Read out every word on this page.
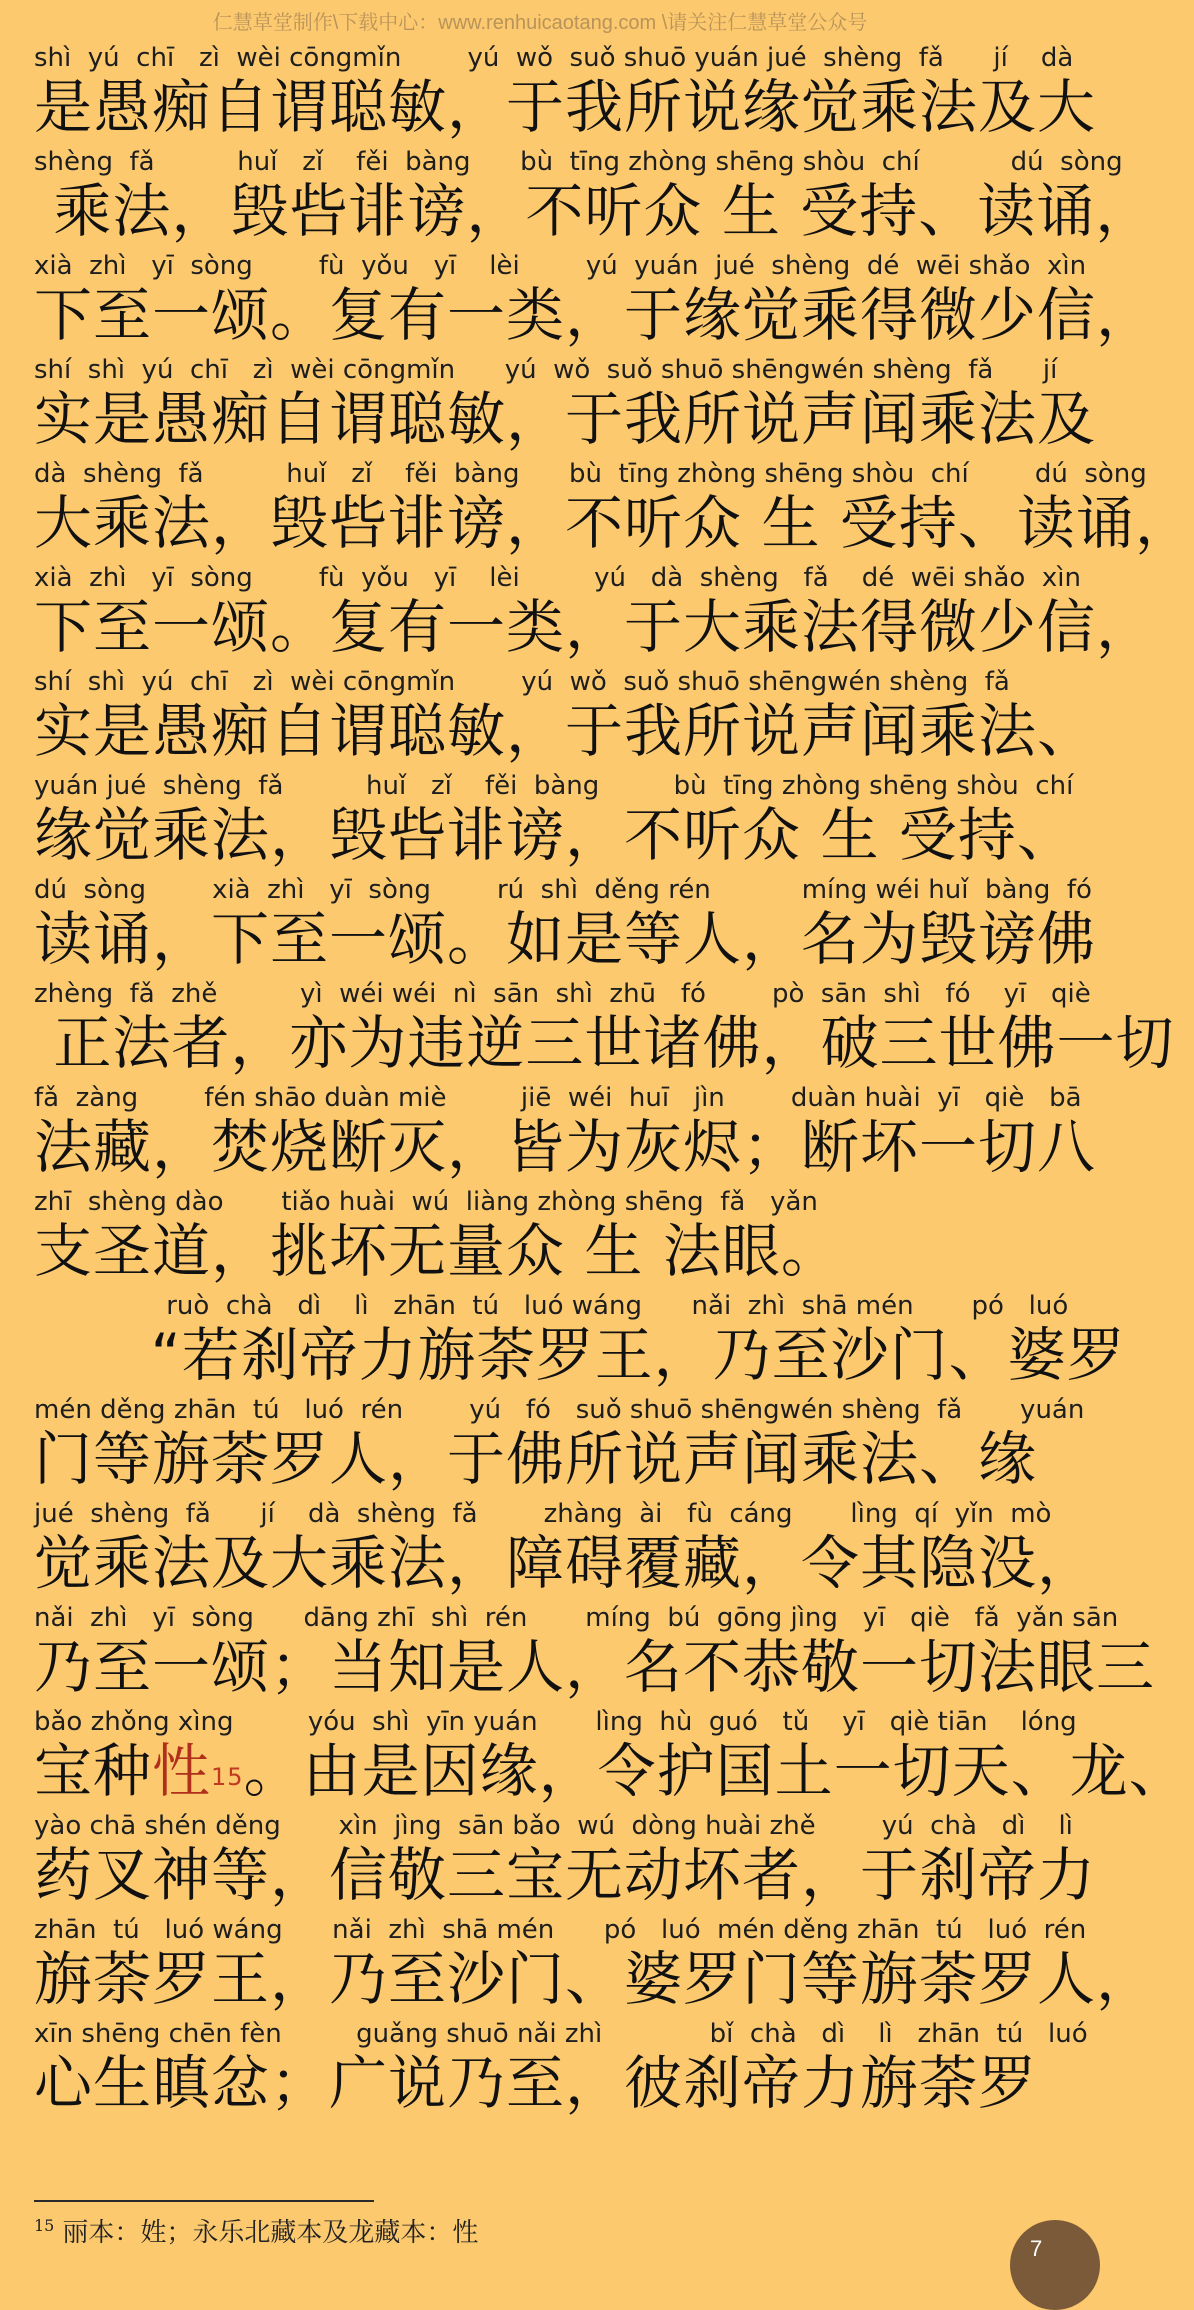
仁慧草堂制作\下载中心：www.renhuicaotang.com \请关注仁慧草堂公众号
shì  yú  chī   zì  wèi cōngmǐn        yú  wǒ  suǒ shuō yuán jué  shèng  fǎ      jí    dà
是愚痴自谓聪敏，于我所说缘觉乘法及大
shèng  fǎ          huǐ   zǐ    fěi  bàng      bù  tīng zhòng shēng shòu  chí           dú  sòng
乘法，毁呰诽谤，不听众 生 受持、读诵，
xià  zhì   yī  sòng        fù  yǒu   yī    lèi        yú  yuán  jué  shèng  dé  wēi shǎo  xìn
下至一颂。复有一类，于缘觉乘得微少信，
shí  shì  yú  chī   zì  wèi cōngmǐn      yú  wǒ  suǒ shuō shēngwén shèng  fǎ      jí
实是愚痴自谓聪敏，于我所说声闻乘法及
dà  shèng  fǎ          huǐ   zǐ    fěi  bàng      bù  tīng zhòng shēng shòu  chí        dú  sòng
大乘法，毁呰诽谤，不听众 生 受持、读诵，
xià  zhì   yī  sòng        fù  yǒu   yī    lèi         yú   dà  shèng   fǎ    dé  wēi shǎo  xìn
下至一颂。复有一类，于大乘法得微少信，
shí  shì  yú  chī   zì  wèi cōngmǐn        yú  wǒ  suǒ shuō shēngwén shèng  fǎ
实是愚痴自谓聪敏，于我所说声闻乘法、
yuán jué  shèng  fǎ          huǐ   zǐ    fěi  bàng         bù  tīng zhòng shēng shòu  chí
缘觉乘法，毁呰诽谤，不听众 生 受持、
dú  sòng        xià  zhì   yī  sòng        rú  shì  děng rén           míng wéi huǐ  bàng  fó
读诵，下至一颂。如是等人，名为毁谤佛
zhèng  fǎ  zhě          yì  wéi wéi  nì  sān  shì  zhū   fó        pò  sān  shì   fó    yī   qiè
正法者，亦为违逆三世诸佛，破三世佛一切
fǎ  zàng        fén shāo duàn miè         jiē  wéi  huī   jìn        duàn huài  yī   qiè   bā
法藏，焚烧断灭，皆为灰烬；断坏一切八
zhī  shèng dào       tiǎo huài  wú  liàng zhòng shēng  fǎ   yǎn
支圣道，挑坏无量众 生 法眼。
ruò  chà   dì    lì   zhān  tú   luó wáng      nǎi  zhì  shā mén       pó   luó
“若刹帝力旃荼罗王，乃至沙门、婆罗
mén děng zhān  tú   luó  rén        yú   fó   suǒ shuō shēngwén shèng  fǎ       yuán
门等旃荼罗人，于佛所说声闻乘法、缘
jué  shèng  fǎ      jí    dà  shèng  fǎ        zhàng  ài   fù  cáng       lìng  qí  yǐn  mò
觉乘法及大乘法，障碍覆藏，令其隐没，
nǎi  zhì   yī  sòng      dāng zhī  shì  rén       míng  bú  gōng jìng   yī   qiè   fǎ  yǎn sān
乃至一颂；当知是人，名不恭敬一切法眼三
bǎo zhǒng xìng         yóu  shì  yīn yuán       lìng  hù  guó   tǔ    yī   qiè tiān    lóng
宝种性$^{15}$。由是因缘，令护国土一切天、龙、
yào chā shén děng       xìn  jìng  sān bǎo  wú  dòng huài zhě        yú  chà   dì    lì
药叉神等，信敬三宝无动坏者，于刹帝力
zhān  tú   luó wáng      nǎi  zhì  shā mén      pó   luó  mén děng zhān  tú   luó  rén
旃荼罗王，乃至沙门、婆罗门等旃荼罗人，
xīn shēng chēn fèn         guǎng shuō nǎi zhì             bǐ  chà   dì    lì   zhān  tú   luó
心生瞋忿；广说乃至，彼刹帝力旃荼罗
$^{15}$ 丽本：姓；永乐北藏本及龙藏本：性
7
